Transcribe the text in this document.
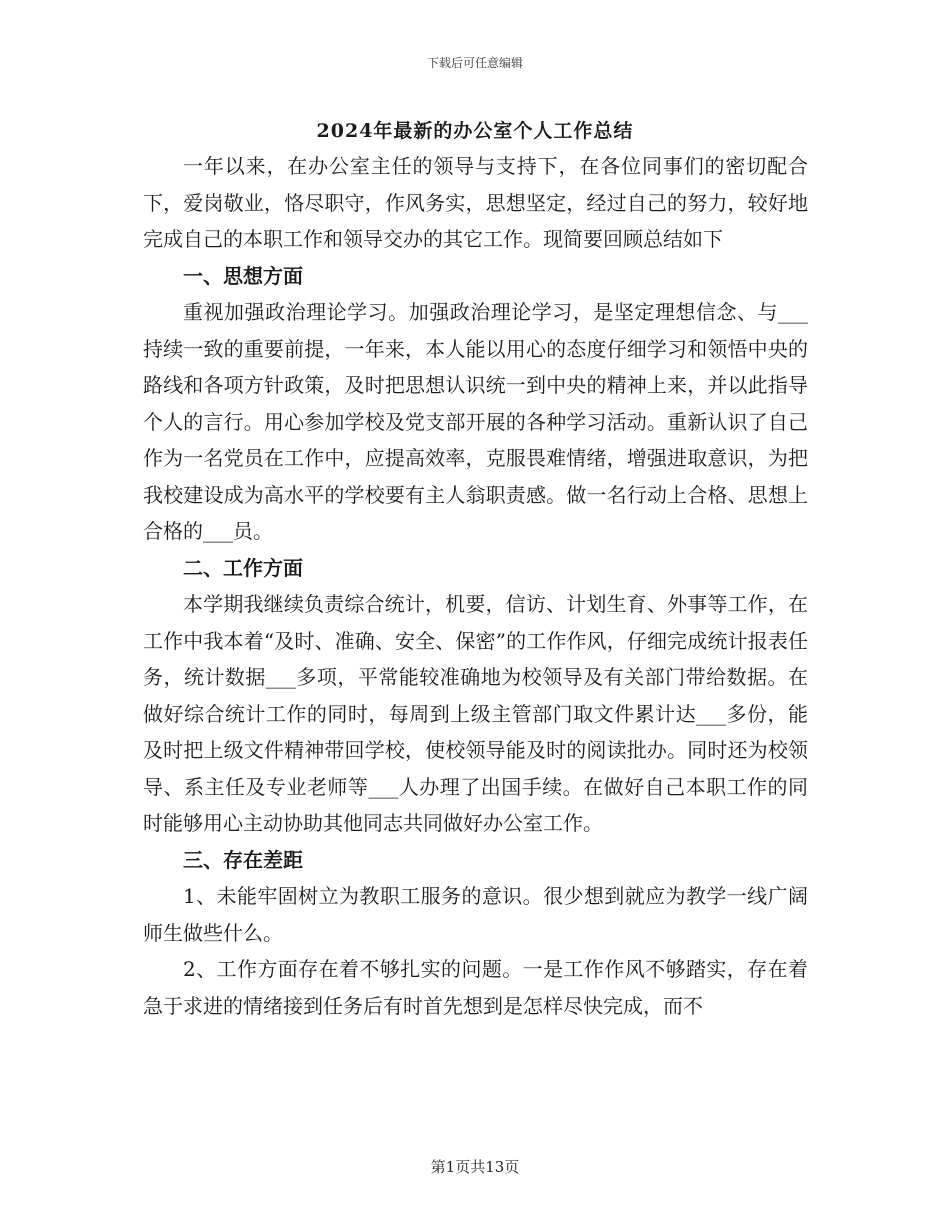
下载后可任意编辑
2024年最新的办公室个人工作总结

一年以来，在办公室主任的领导与支持下，在各位同事们的密切配合下，爱岗敬业，恪尽职守，作风务实，思想坚定，经过自己的努力，较好地完成自己的本职工作和领导交办的其它工作。现简要回顾总结如下

一、思想方面

重视加强政治理论学习。加强政治理论学习，是坚定理想信念、与___持续一致的重要前提，一年来，本人能以用心的态度仔细学习和领悟中央的路线和各项方针政策，及时把思想认识统一到中央的精神上来，并以此指导个人的言行。用心参加学校及党支部开展的各种学习活动。重新认识了自己作为一名党员在工作中，应提高效率，克服畏难情绪，增强进取意识，为把我校建设成为高水平的学校要有主人翁职责感。做一名行动上合格、思想上合格的___员。

二、工作方面

本学期我继续负责综合统计，机要，信访、计划生育、外事等工作，在工作中我本着“及时、准确、安全、保密”的工作作风，仔细完成统计报表任务，统计数据___多项，平常能较准确地为校领导及有关部门带给数据。在做好综合统计工作的同时，每周到上级主管部门取文件累计达___多份，能及时把上级文件精神带回学校，使校领导能及时的阅读批办。同时还为校领导、系主任及专业老师等___人办理了出国手续。在做好自己本职工作的同时能够用心主动协助其他同志共同做好办公室工作。

三、存在差距

1、未能牢固树立为教职工服务的意识。很少想到就应为教学一线广阔师生做些什么。

2、工作方面存在着不够扎实的问题。一是工作作风不够踏实，存在着急于求进的情绪接到任务后有时首先想到是怎样尽快完成，而不

第1页共13页
